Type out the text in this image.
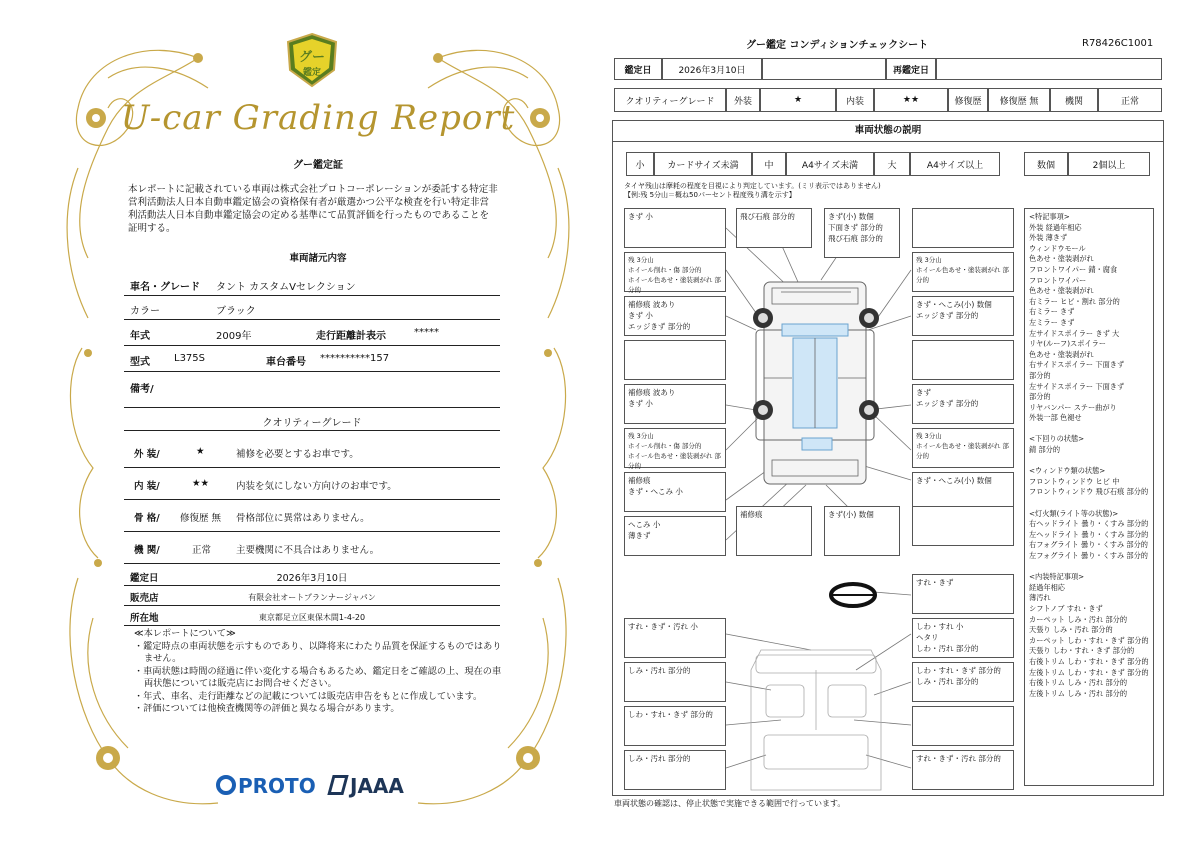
グー
鑑定
U-car Grading Report
グー鑑定証
本レポートに記載されている車両は株式会社プロトコーポレーションが委託する特定非営利活動法人日本自動車鑑定協会の資格保有者が厳選かつ公平な検査を行い特定非営利活動法人日本自動車鑑定協会の定める基準にて品質評価を行ったものであることを証明する。
車両諸元内容
車名・グレード タント カスタムVセレクション
カラー	ブラック
年式	2009年	走行距離計表示	*****
型式 L375S	車台番号 **********157
備考/
クオリティーグレード
外 装/	★	補修を必要とするお車です。
内 装/	★★	内装を気にしない方向けのお車です。
骨 格/ 修復歴 無 骨格部位に異常はありません。
機 関/	正常	主要機関に不具合はありません。
鑑定日	2026年3月10日
販売店	有限会社オートプランナージャパン
所在地	東京都足立区東保木間1-4-20
≪本レポートについて≫
・鑑定時点の車両状態を示すものであり、以降将来にわたり品質を保証するものではありません。
・車両状態は時間の経過に伴い変化する場合もあるため、鑑定日をご確認の上、現在の車両状態については販売店にお問合せください。
・年式、車名、走行距離などの記載については販売店申告をもとに作成しています。
・評価については他検査機関等の評価と異なる場合があります。
PROTO	JAAA
グー鑑定 コンディションチェックシート	R78426C1001
鑑定日	2026年3月10日	再鑑定日
クオリティーグレード	外装	★	内装	★★	修復歴	修復歴 無	機関	正常
車両状態の説明
小	カードサイズ未満	中	A4サイズ未満	大	A4サイズ以上	数個	2個以上
タイヤ残山は摩耗の程度を目視により判定しています。(ミリ表示ではありません)
【例:残 5分山＝概ね50パーセント程度残り溝を示す】
きず 小	飛び石痕 部分的	きず(小) 数個
下面きず 部分的
飛び石痕 部分的
残 3分山
ホイール削れ・傷 部分的
ホイール色あせ・塗装剥がれ 部分的
残 3分山
ホイール色あせ・塗装剥がれ 部分的
補修痕 波あり
きず 小
エッジきず 部分的
きず・へこみ(小) 数個
エッジきず 部分的
補修痕 波あり
きず 小
きず
エッジきず 部分的
残 3分山
ホイール削れ・傷 部分的
ホイール色あせ・塗装剥がれ 部分的
残 3分山
ホイール色あせ・塗装剥がれ 部分的
補修痕
きず・へこみ 小
きず・へこみ(小) 数個
へこみ 小
薄きず
補修痕	きず(小) 数個
すれ・きず
すれ・きず・汚れ 小	しわ・すれ 小
ヘタリ
しわ・汚れ 部分的
しみ・汚れ 部分的	しわ・すれ・きず 部分的
しみ・汚れ 部分的
しわ・すれ・きず 部分的
しみ・汚れ 部分的	すれ・きず・汚れ 部分的
<特記事項>
外装 経過年相応
外装 薄きず
ウィンドウモール
色あせ・塗装剥がれ
フロントワイパー 錆・腐食
フロントワイパー
色あせ・塗装剥がれ
右ミラー ヒビ・割れ 部分的
右ミラー きず
左ミラー きず
左サイドスポイラー きず 大
リヤ(ルーフ)スポイラー
色あせ・塗装剥がれ
右サイドスポイラー 下面きず
部分的
左サイドスポイラー 下面きず
部分的
リヤバンパー ステー曲がり
外装一部 色褪せ

<下回りの状態>
錆 部分的

<ウィンドウ類の状態>
フロントウィンドウ ヒビ 中
フロントウィンドウ 飛び石痕 部分的

<灯火類(ライト等の状態)>
右ヘッドライト 曇り・くすみ 部分的
左ヘッドライト 曇り・くすみ 部分的
右フォグライト 曇り・くすみ 部分的
左フォグライト 曇り・くすみ 部分的

<内装特記事項>
経過年相応
薄汚れ
シフトノブ すれ・きず
カーペット しみ・汚れ 部分的
天張り しみ・汚れ 部分的
カーペット しわ・すれ・きず 部分的
天張り しわ・すれ・きず 部分的
右後トリム しわ・すれ・きず 部分的
左後トリム しわ・すれ・きず 部分的
右後トリム しみ・汚れ 部分的
左後トリム しみ・汚れ 部分的
車両状態の確認は、停止状態で実施できる範囲で行っています。
